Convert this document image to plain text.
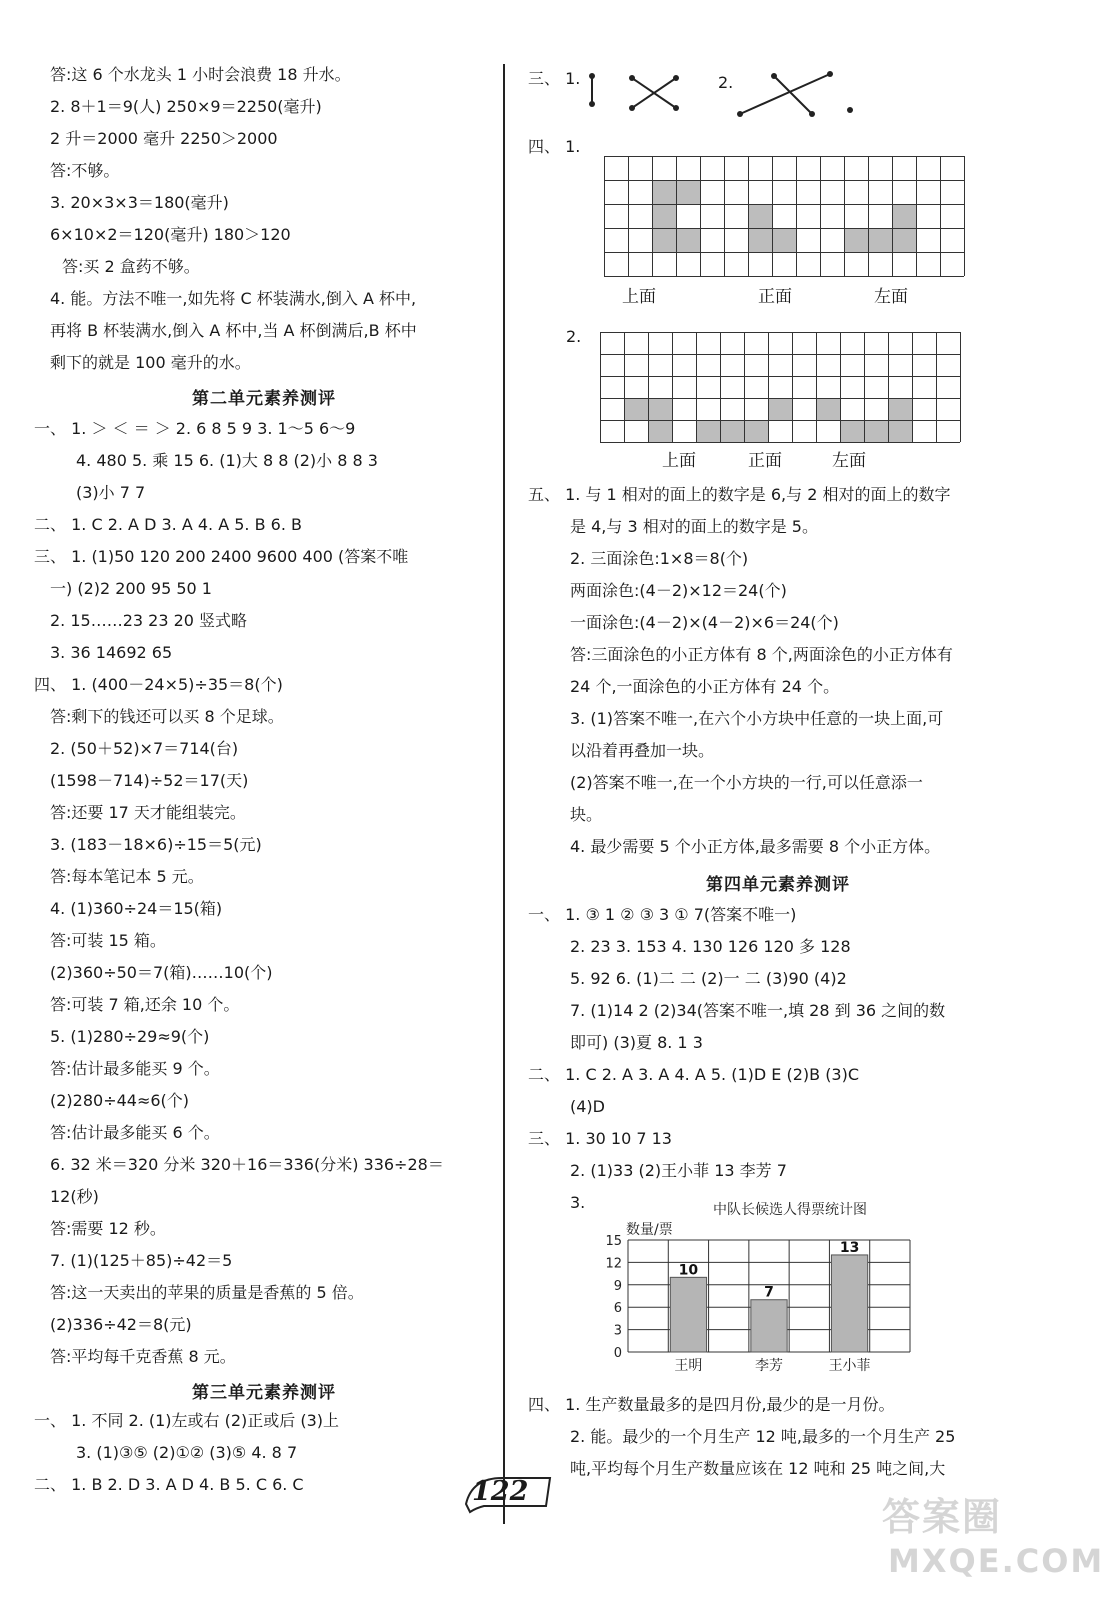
答:这 6 个水龙头 1 小时会浪费 18 升水。
2. 8＋1＝9(人) 250×9＝2250(毫升)
2 升＝2000 毫升 2250＞2000
答:不够。
3. 20×3×3＝180(毫升)
6×10×2＝120(毫升) 180＞120
答:买 2 盒药不够。
4. 能。方法不唯一,如先将 C 杯装满水,倒入 A 杯中,
再将 B 杯装满水,倒入 A 杯中,当 A 杯倒满后,B 杯中
剩下的就是 100 毫升的水。
第二单元素养测评
一、 1. ＞ ＜ ＝ ＞ 2. 6 8 5 9 3. 1～5 6～9
4. 480 5. 乘 15 6. (1)大 8 8 (2)小 8 8 3
(3)小 7 7
二、 1. C 2. A D 3. A 4. A 5. B 6. B
三、 1. (1)50 120 200 2400 9600 400 (答案不唯
一) (2)2 200 95 50 1
2. 15……23 23 20 竖式略
3. 36 14692 65
四、 1. (400－24×5)÷35＝8(个)
答:剩下的钱还可以买 8 个足球。
2. (50＋52)×7＝714(台)
(1598－714)÷52＝17(天)
答:还要 17 天才能组装完。
3. (183－18×6)÷15＝5(元)
答:每本笔记本 5 元。
4. (1)360÷24＝15(箱)
答:可装 15 箱。
(2)360÷50＝7(箱)……10(个)
答:可装 7 箱,还余 10 个。
5. (1)280÷29≈9(个)
答:估计最多能买 9 个。
(2)280÷44≈6(个)
答:估计最多能买 6 个。
6. 32 米＝320 分米 320＋16＝336(分米) 336÷28＝
12(秒)
答:需要 12 秒。
7. (1)(125＋85)÷42＝5
答:这一天卖出的苹果的质量是香蕉的 5 倍。
(2)336÷42＝8(元)
答:平均每千克香蕉 8 元。
第三单元素养测评
一、 1. 不同 2. (1)左或右 (2)正或后 (3)上
3. (1)③⑤ (2)①② (3)⑤ 4. 8 7
二、 1. B 2. D 3. A D 4. B 5. C 6. C
三、 1.	2.
四、 1.
上面	正面	左面
2.
上面	正面	左面
五、 1. 与 1 相对的面上的数字是 6,与 2 相对的面上的数字
是 4,与 3 相对的面上的数字是 5。
2. 三面涂色:1×8＝8(个)
两面涂色:(4－2)×12＝24(个)
一面涂色:(4－2)×(4－2)×6＝24(个)
答:三面涂色的小正方体有 8 个,两面涂色的小正方体有
24 个,一面涂色的小正方体有 24 个。
3. (1)答案不唯一,在六个小方块中任意的一块上面,可
以沿着再叠加一块。
(2)答案不唯一,在一个小方块的一行,可以任意添一
块。
4. 最少需要 5 个小正方体,最多需要 8 个小正方体。
第四单元素养测评
一、 1. ③ 1 ② ③ 3 ① 7(答案不唯一)
2. 23 3. 153 4. 130 126 120 多 128
5. 92 6. (1)二 二 (2)一 二 (3)90 (4)2
7. (1)14 2 (2)34(答案不唯一,填 28 到 36 之间的数
即可) (3)夏 8. 1 3
二、 1. C 2. A 3. A 4. A 5. (1)D E (2)B (3)C
(4)D
三、 1. 30 10 7 13
2. (1)33 (2)王小菲 13 李芳 7
3.	中队长候选人得票统计图
数量/票
0
3
6
9
12
15
10
王明
7
李芳
13
王小菲
四、 1. 生产数量最多的是四月份,最少的是一月份。
2. 能。最少的一个月生产 12 吨,最多的一个月生产 25
吨,平均每个月生产数量应该在 12 吨和 25 吨之间,大
122
答案圈
MXQE.COM
